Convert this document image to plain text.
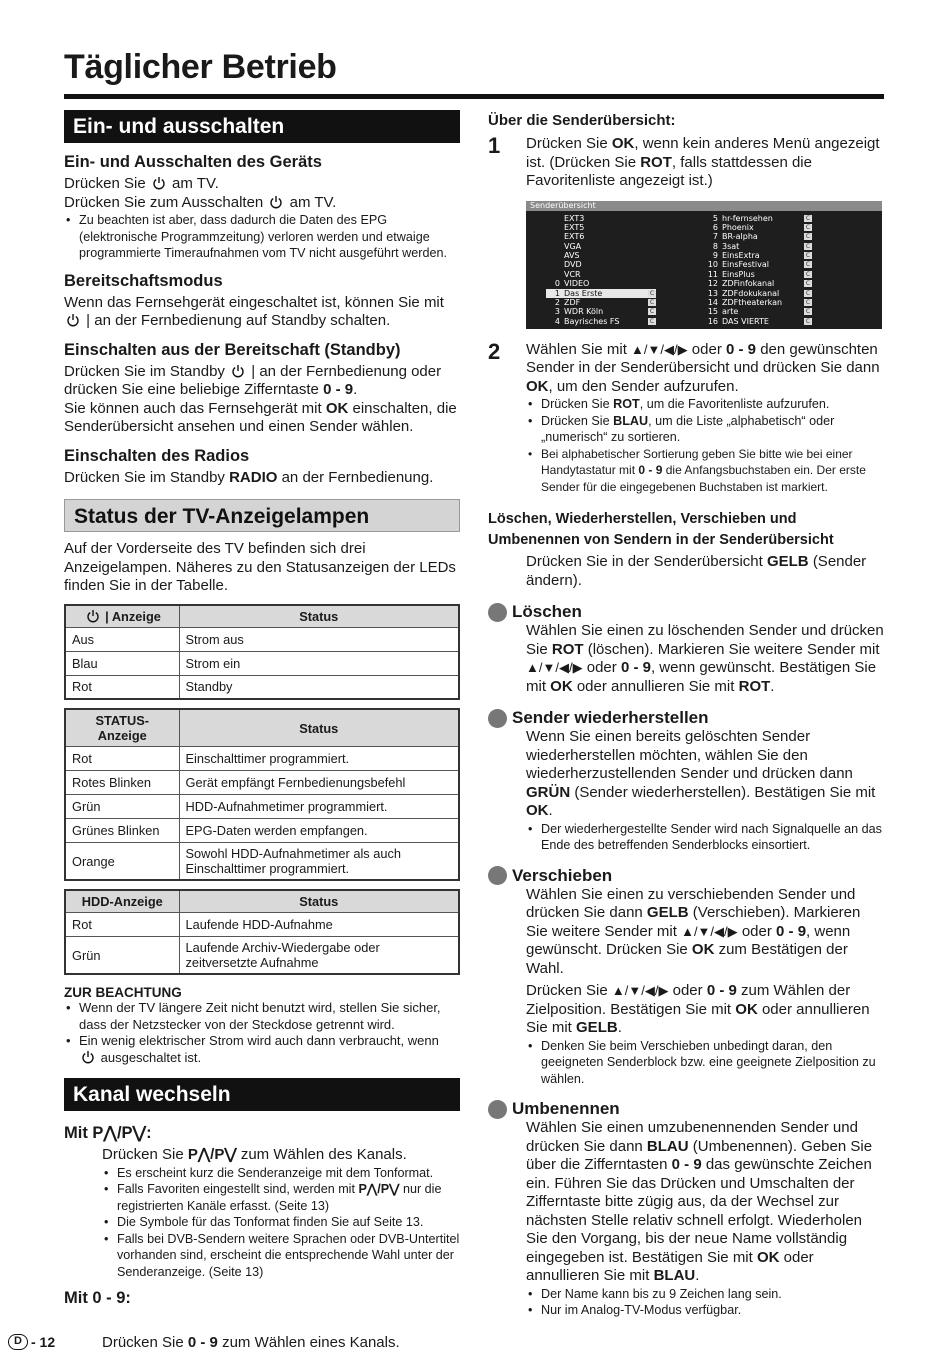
Täglicher Betrieb
Ein- und ausschalten
Ein- und Ausschalten des Geräts
Drücken Sie am TV.
Drücken Sie zum Ausschalten am TV.
• Zu beachten ist aber, dass dadurch die Daten des EPG (elektronische Programmzeitung) verloren werden und etwaige programmierte Timeraufnahmen vom TV nicht ausgeführt werden.
Bereitschaftsmodus
Wenn das Fernsehgerät eingeschaltet ist, können Sie mit
| an der Fernbedienung auf Standby schalten.
Einschalten aus der Bereitschaft (Standby)
Drücken Sie im Standby | an der Fernbedienung oder drücken Sie eine beliebige Zifferntaste 0 - 9.
Sie können auch das Fernsehgerät mit OK einschalten, die Senderübersicht ansehen und einen Sender wählen.
Einschalten des Radios
Drücken Sie im Standby RADIO an der Fernbedienung.
Status der TV-Anzeigelampen
Auf der Vorderseite des TV befinden sich drei Anzeigelampen. Näheres zu den Statusanzeigen der LEDs finden Sie in der Tabelle.
| Anzeige	Status
Aus	Strom aus
Blau	Strom ein
Rot	Standby
STATUS-Anzeige	Status
Rot	Einschalttimer programmiert.
Rotes Blinken	Gerät empfängt Fernbedienungsbefehl
Grün	HDD-Aufnahmetimer programmiert.
Grünes Blinken	EPG-Daten werden empfangen.
Orange	Sowohl HDD-Aufnahmetimer als auch Einschalttimer programmiert.
HDD-Anzeige	Status
Rot	Laufende HDD-Aufnahme
Grün	Laufende Archiv-Wiedergabe oder zeitversetzte Aufnahme
ZUR BEACHTUNG
• Wenn der TV längere Zeit nicht benutzt wird, stellen Sie sicher, dass der Netzstecker von der Steckdose getrennt wird.
• Ein wenig elektrischer Strom wird auch dann verbraucht, wenn
ausgeschaltet ist.
Kanal wechseln
Mit P⋀/P⋁:
Drücken Sie P⋀/P⋁ zum Wählen des Kanals.
• Es erscheint kurz die Senderanzeige mit dem Tonformat.
• Falls Favoriten eingestellt sind, werden mit P⋀/P⋁ nur die registrierten Kanäle erfasst. (Seite 13)
• Die Symbole für das Tonformat finden Sie auf Seite 13.
• Falls bei DVB-Sendern weitere Sprachen oder DVB-Untertitel vorhanden sind, erscheint die entsprechende Wahl unter der Senderanzeige. (Seite 13)
Mit 0 - 9:
Drücken Sie 0 - 9 zum Wählen eines Kanals.
D - 12
Über die Senderübersicht:
1	Drücken Sie OK, wenn kein anderes Menü angezeigt ist. (Drücken Sie ROT, falls stattdessen die Favoritenliste angezeigt ist.)
Senderübersicht
EXT3
EXT5
EXT6
VGA
AVS
DVD
VCR
0 VIDEO
1 Das Erste	C
2 ZDF	C
3 WDR Köln	C
4 Bayrisches FS	C
5 hr-fernsehen	C
6 Phoenix	C
7 BR-alpha	C
8 3sat	C
9 EinsExtra	C
10 EinsFestival	C
11 EinsPlus	C
12 ZDFinfokanal	C
13 ZDFdokukanal	C
14 ZDFtheaterkan	C
15 arte	C
16 DAS VIERTE	C
2	Wählen Sie mit ▲/▼/◀/▶ oder 0 - 9 den gewünschten Sender in der Senderübersicht und drücken Sie dann OK, um den Sender aufzurufen.
• Drücken Sie ROT, um die Favoritenliste aufzurufen.
• Drücken Sie BLAU, um die Liste „alphabetisch“ oder „numerisch“ zu sortieren.
• Bei alphabetischer Sortierung geben Sie bitte wie bei einer Handytastatur mit 0 - 9 die Anfangsbuchstaben ein. Der erste Sender für die eingegebenen Buchstaben ist markiert.
Löschen, Wiederherstellen, Verschieben und Umbenennen von Sendern in der Senderübersicht
Drücken Sie in der Senderübersicht GELB (Sender ändern).
Löschen
Wählen Sie einen zu löschenden Sender und drücken Sie ROT (löschen). Markieren Sie weitere Sender mit ▲/▼/◀/▶ oder 0 - 9, wenn gewünscht. Bestätigen Sie mit OK oder annullieren Sie mit ROT.
Sender wiederherstellen
Wenn Sie einen bereits gelöschten Sender wiederherstellen möchten, wählen Sie den wiederherzustellenden Sender und drücken dann GRÜN (Sender wiederherstellen). Bestätigen Sie mit OK.
• Der wiederhergestellte Sender wird nach Signalquelle an das Ende des betreffenden Senderblocks einsortiert.
Verschieben
Wählen Sie einen zu verschiebenden Sender und drücken Sie dann GELB (Verschieben). Markieren Sie weitere Sender mit ▲/▼/◀/▶ oder 0 - 9, wenn gewünscht. Drücken Sie OK zum Bestätigen der Wahl.
Drücken Sie ▲/▼/◀/▶ oder 0 - 9 zum Wählen der Zielposition. Bestätigen Sie mit OK oder annullieren Sie mit GELB.
• Denken Sie beim Verschieben unbedingt daran, den geeigneten Senderblock bzw. eine geeignete Zielposition zu wählen.
Umbenennen
Wählen Sie einen umzubenennenden Sender und drücken Sie dann BLAU (Umbenennen). Geben Sie über die Zifferntasten 0 - 9 das gewünschte Zeichen ein. Führen Sie das Drücken und Umschalten der Zifferntaste bitte zügig aus, da der Wechsel zur nächsten Stelle relativ schnell erfolgt. Wiederholen Sie den Vorgang, bis der neue Name vollständig eingegeben ist. Bestätigen Sie mit OK oder annullieren Sie mit BLAU.
• Der Name kann bis zu 9 Zeichen lang sein.
• Nur im Analog-TV-Modus verfügbar.
